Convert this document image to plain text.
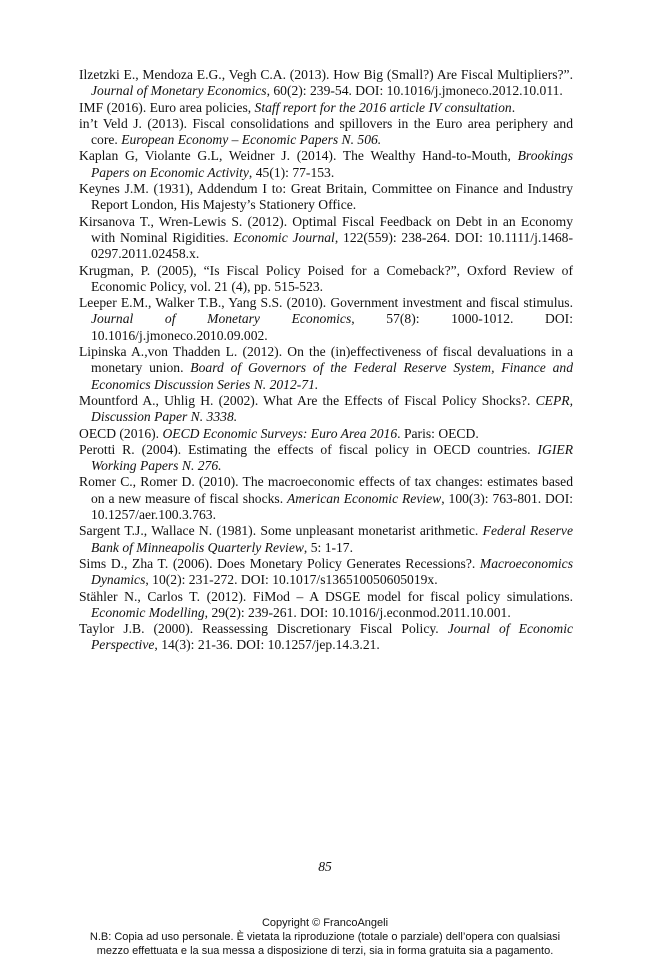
Ilzetzki E., Mendoza E.G., Vegh C.A. (2013). How Big (Small?) Are Fiscal Multipliers?”. Journal of Monetary Economics, 60(2): 239-54. DOI: 10.1016/j.jmoneco.2012.10.011.

IMF (2016). Euro area policies, Staff report for the 2016 article IV consultation.

in’t Veld J. (2013). Fiscal consolidations and spillovers in the Euro area periphery and core. European Economy – Economic Papers N. 506.

Kaplan G, Violante G.L, Weidner J. (2014). The Wealthy Hand-to-Mouth, Brookings Papers on Economic Activity, 45(1): 77-153.

Keynes J.M. (1931), Addendum I to: Great Britain, Committee on Finance and Industry Report London, His Majesty’s Stationery Office.

Kirsanova T., Wren-Lewis S. (2012). Optimal Fiscal Feedback on Debt in an Economy with Nominal Rigidities. Economic Journal, 122(559): 238-264. DOI: 10.1111/j.1468-0297.2011.02458.x.

Krugman, P. (2005), “Is Fiscal Policy Poised for a Comeback?”, Oxford Review of Economic Policy, vol. 21 (4), pp. 515-523.

Leeper E.M., Walker T.B., Yang S.S. (2010). Government investment and fiscal stimulus. Journal of Monetary Economics, 57(8): 1000-1012. DOI: 10.1016/j.jmoneco.2010.09.002.

Lipinska A.,von Thadden L. (2012). On the (in)effectiveness of fiscal devaluations in a monetary union. Board of Governors of the Federal Reserve System, Finance and Economics Discussion Series N. 2012-71.

Mountford A., Uhlig H. (2002). What Are the Effects of Fiscal Policy Shocks?. CEPR, Discussion Paper N. 3338.

OECD (2016). OECD Economic Surveys: Euro Area 2016. Paris: OECD.

Perotti R. (2004). Estimating the effects of fiscal policy in OECD countries. IGIER Working Papers N. 276.

Romer C., Romer D. (2010). The macroeconomic effects of tax changes: estimates based on a new measure of fiscal shocks. American Economic Review, 100(3): 763-801. DOI: 10.1257/aer.100.3.763.

Sargent T.J., Wallace N. (1981). Some unpleasant monetarist arithmetic. Federal Reserve Bank of Minneapolis Quarterly Review, 5: 1-17.

Sims D., Zha T. (2006). Does Monetary Policy Generates Recessions?. Macroeconomics Dynamics, 10(2): 231-272. DOI: 10.1017/s136510050605019x.

Stähler N., Carlos T. (2012). FiMod – A DSGE model for fiscal policy simulations. Economic Modelling, 29(2): 239-261. DOI: 10.1016/j.econmod.2011.10.001.

Taylor J.B. (2000). Reassessing Discretionary Fiscal Policy. Journal of Economic Perspective, 14(3): 21-36. DOI: 10.1257/jep.14.3.21.

85
Copyright © FrancoAngeli
N.B: Copia ad uso personale. È vietata la riproduzione (totale o parziale) dell’opera con qualsiasi
mezzo effettuata e la sua messa a disposizione di terzi, sia in forma gratuita sia a pagamento.
